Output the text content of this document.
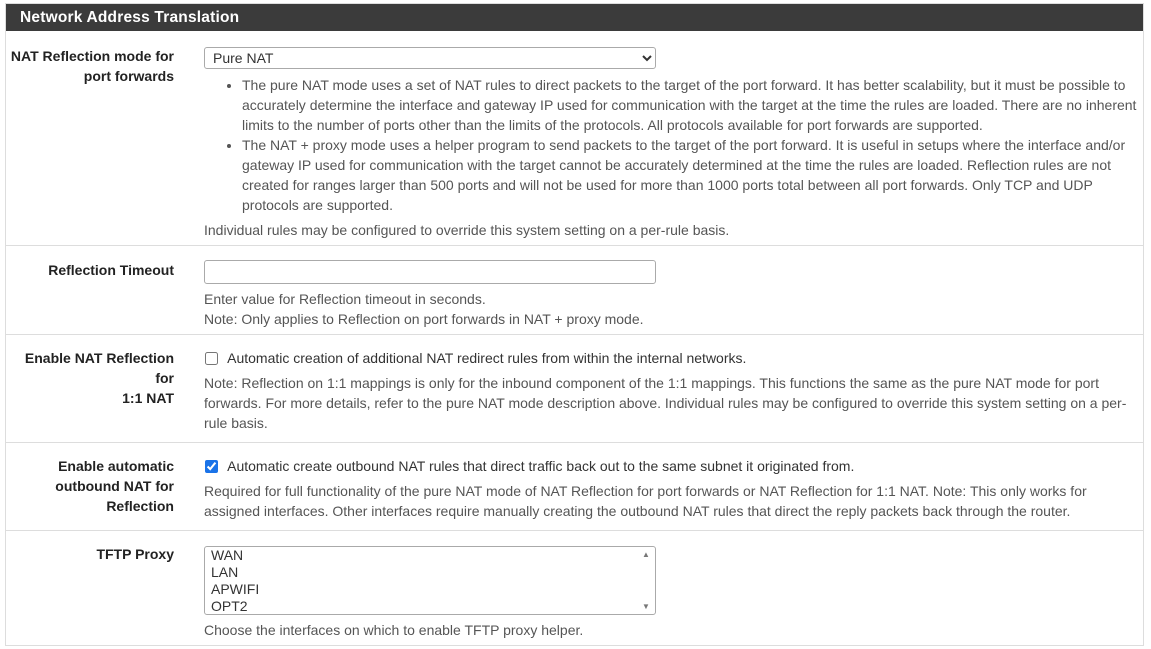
Network Address Translation
NAT Reflection mode for
port forwards
Pure NAT
• The pure NAT mode uses a set of NAT rules to direct packets to the target of the port forward. It has better scalability, but it must be possible to accurately determine the interface and gateway IP used for communication with the target at the time the rules are loaded. There are no inherent limits to the number of ports other than the limits of the protocols. All protocols available for port forwards are supported.
• The NAT + proxy mode uses a helper program to send packets to the target of the port forward. It is useful in setups where the interface and/or gateway IP used for communication with the target cannot be accurately determined at the time the rules are loaded. Reflection rules are not created for ranges larger than 500 ports and will not be used for more than 1000 ports total between all port forwards. Only TCP and UDP protocols are supported.
Individual rules may be configured to override this system setting on a per-rule basis.
Reflection Timeout
Enter value for Reflection timeout in seconds.
Note: Only applies to Reflection on port forwards in NAT + proxy mode.
Enable NAT Reflection for
1:1 NAT
Automatic creation of additional NAT redirect rules from within the internal networks.
Note: Reflection on 1:1 mappings is only for the inbound component of the 1:1 mappings. This functions the same as the pure NAT mode for port forwards. For more details, refer to the pure NAT mode description above. Individual rules may be configured to override this system setting on a per-rule basis.
Enable automatic
outbound NAT for
Reflection
Automatic create outbound NAT rules that direct traffic back out to the same subnet it originated from.
Required for full functionality of the pure NAT mode of NAT Reflection for port forwards or NAT Reflection for 1:1 NAT. Note: This only works for assigned interfaces. Other interfaces require manually creating the outbound NAT rules that direct the reply packets back through the router.
TFTP Proxy	WAN
LAN
APWIFI
OPT2
▲
▼
Choose the interfaces on which to enable TFTP proxy helper.
